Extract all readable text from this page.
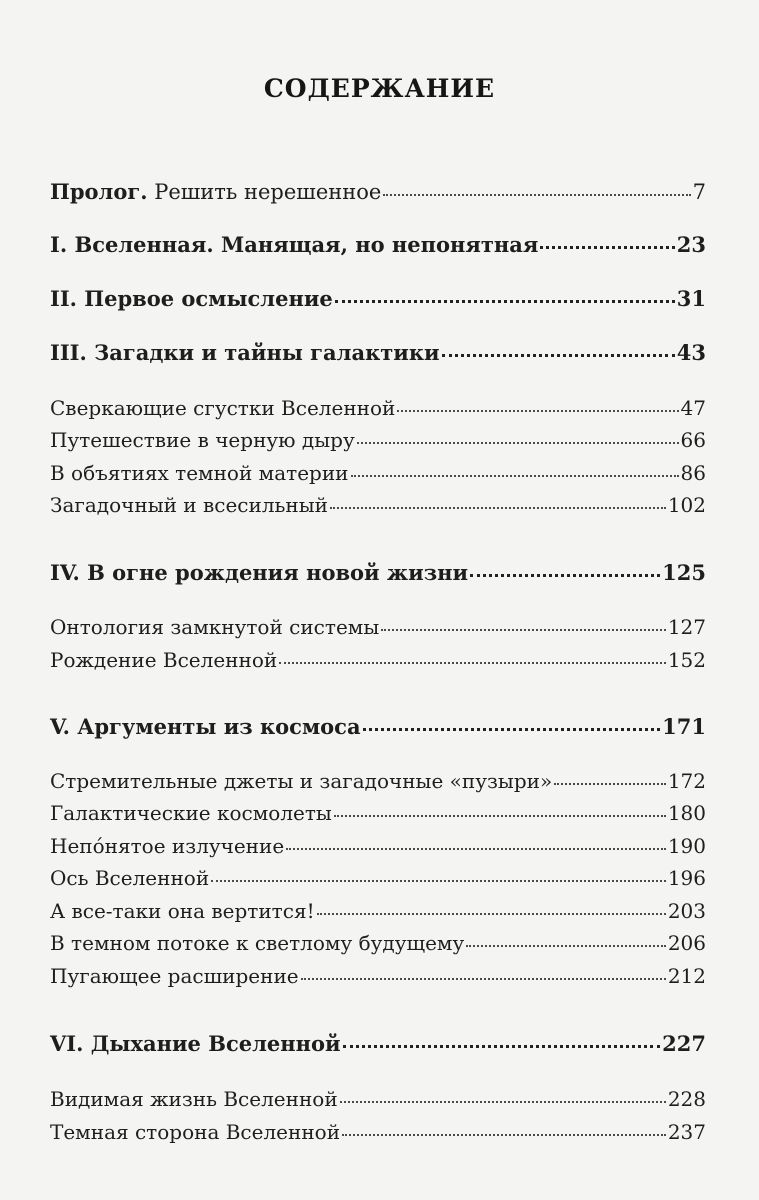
СОДЕРЖАНИЕ
Пролог. Решить нерешенное	7
I. Вселенная. Манящая, но непонятная	23
II. Первое осмысление	31
III. Загадки и тайны галактики	43
Сверкающие сгустки Вселенной	47
Путешествие в черную дыру	66
В объятиях темной материи	86
Загадочный и всесильный	102
IV. В огне рождения новой жизни	125
Онтология замкнутой системы	127
Рождение Вселенной	152
V. Аргументы из космоса	171
Стремительные джеты и загадочные «пузыри»	172
Галактические космолеты	180
Непóнятое излучение	190
Ось Вселенной	196
А все-таки она вертится!	203
В темном потоке к светлому будущему	206
Пугающее расширение	212
VI. Дыхание Вселенной	227
Видимая жизнь Вселенной	228
Темная сторона Вселенной	237
